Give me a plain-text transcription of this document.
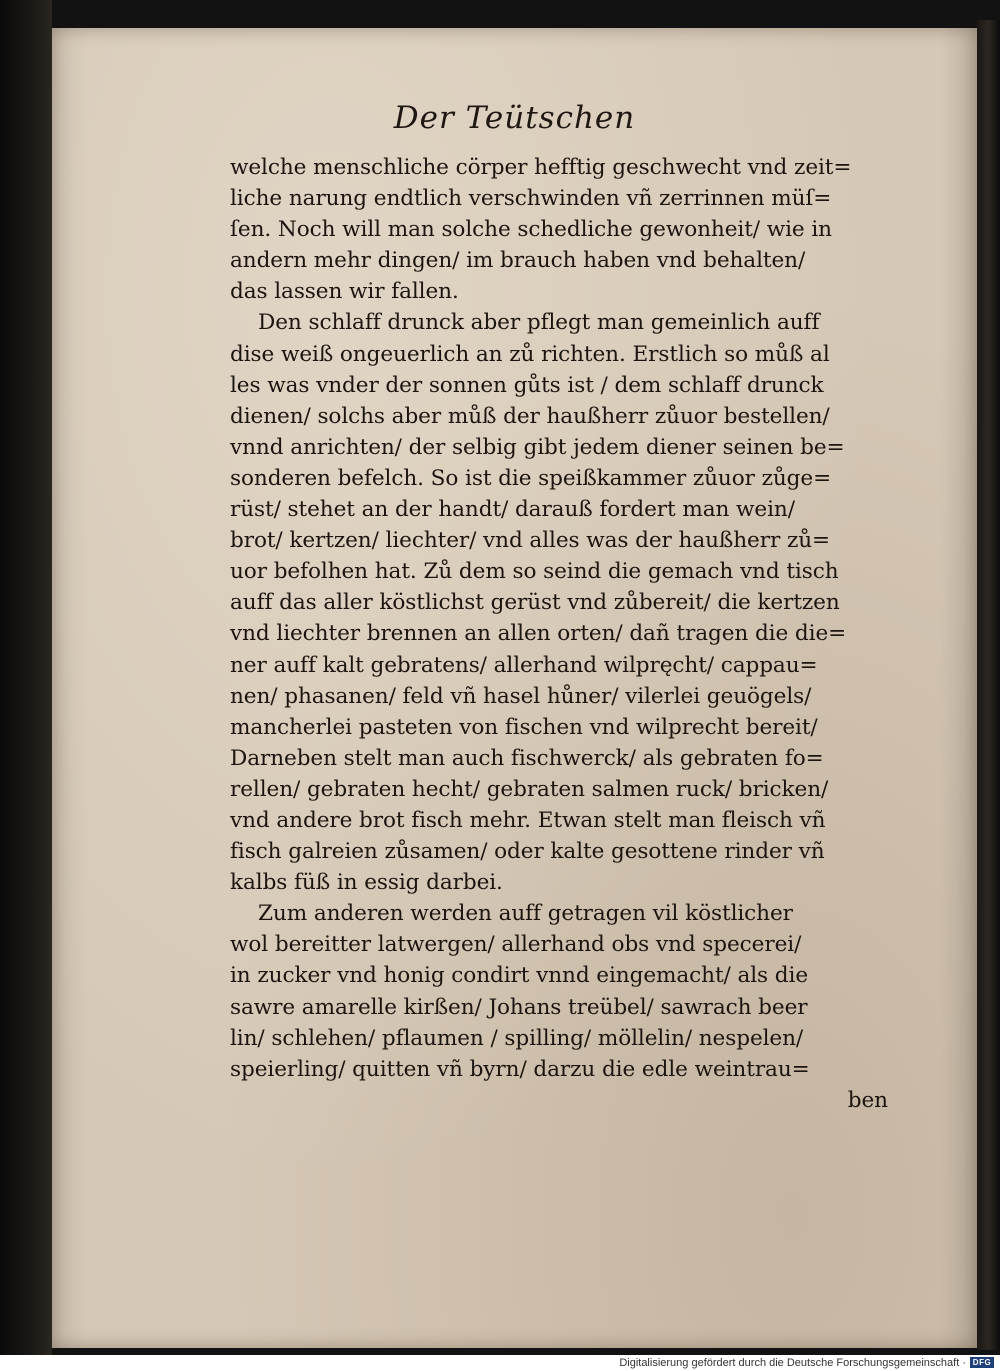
Der Teütschen
welche menschliche cörper hefftig geschwecht vnd zeit=
liche narung endtlich verschwinden vñ zerrinnen müſ=
ſen. Noch will man solche schedliche gewonheit/ wie in
andern mehr dingen/ im brauch haben vnd behalten/
das lassen wir fallen.
Den schlaff drunck aber pflegt man gemeinlich auff
dise weiß ongeuerlich an zů richten. Erstlich so můß al
les was vnder der sonnen gůts ist / dem schlaff drunck
dienen/ solchs aber můß der haußherr zůuor bestellen/
vnnd anrichten/ der selbig gibt jedem diener seinen be=
sonderen befelch. So ist die speißkammer zůuor zůge=
rüst/ stehet an der handt/ darauß fordert man wein/
brot/ kertzen/ liechter/ vnd alles was der haußherr zů=
uor befolhen hat. Zů dem so seind die gemach vnd tisch
auff das aller köstlichst gerüst vnd zůbereit/ die kertzen
vnd liechter brennen an allen orten/ dañ tragen die die=
ner auff kalt gebratens/ allerhand wilpręcht/ cappau=
nen/ phasanen/ feld vñ hasel hůner/ vilerlei geuögels/
mancherlei pasteten von fischen vnd wilprecht bereit/
Darneben stelt man auch fischwerck/ als gebraten fo=
rellen/ gebraten hecht/ gebraten salmen ruck/ bricken/
vnd andere brot fisch mehr. Etwan stelt man fleisch vñ
fisch galreien zůsamen/ oder kalte gesottene rinder vñ
kalbs füß in essig darbei.
Zum anderen werden auff getragen vil köstlicher
wol bereitter latwergen/ allerhand obs vnd specerei/
in zucker vnd honig condirt vnnd eingemacht/ als die
sawre amarelle kirßen/ Johans treübel/ sawrach beer
lin/ schlehen/ pflaumen / spilling/ möllelin/ nespelen/
speierling/ quitten vñ byrn/ darzu die edle weintrau=
ben
Digitalisierung gefördert durch die Deutsche Forschungsgemeinschaft · DFG
